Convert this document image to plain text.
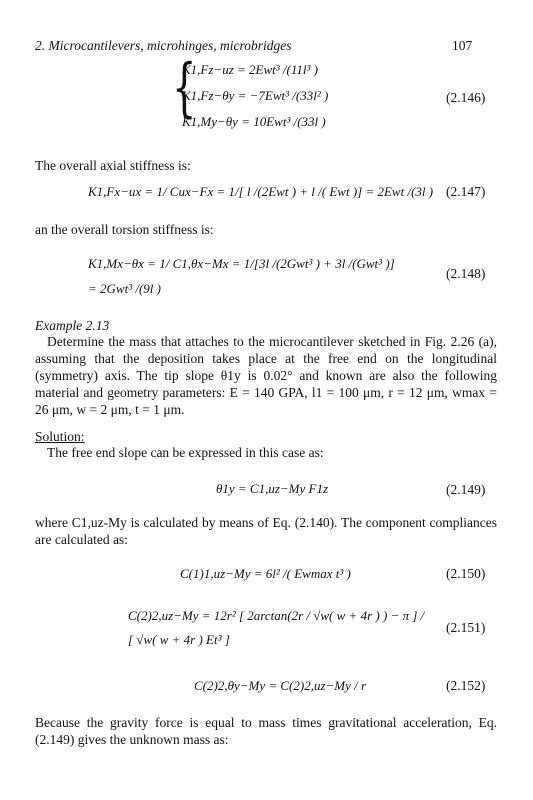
2. Microcantilevers, microhinges, microbridges	107
{
K1,Fz−uz = 2Ewt³ /(11l³ )
K1,Fz−θy = −7Ewt³ /(33l² )
K1,My−θy = 10Ewt³ /(33l )
(2.146)
The overall axial stiffness is:
K1,Fx−ux = 1/ Cux−Fx = 1/[ l /(2Ewt ) + l /( Ewt )] = 2Ewt /(3l ) (2.147)
an the overall torsion stiffness is:
K1,Mx−θx = 1/ C1,θx−Mx = 1/[3l /(2Gwt³ ) + 3l /(Gwt³ )]
= 2Gwt³ /(9l )
(2.148)
Example 2.13
Determine the mass that attaches to the microcantilever sketched in Fig. 2.26 (a), assuming that the deposition takes place at the free end on the longitudinal (symmetry) axis. The tip slope θ1y is 0.02° and known are also the following material and geometry parameters: E = 140 GPA, l1 = 100 μm, r = 12 μm, wmax = 26 μm, w = 2 μm, t = 1 μm.
Solution:
The free end slope can be expressed in this case as:
θ1y = C1,uz−My F1z	(2.149)
where C1,uz-My is calculated by means of Eq. (2.140). The component compliances are calculated as:
C(1)1,uz−My = 6l² /( Ewmax t³ )	(2.150)
C(2)2,uz−My = 12r² [ 2arctan(2r / √w( w + 4r ) ) − π ] /
[ √w( w + 4r ) Et³ ]
(2.151)
C(2)2,θy−My = C(2)2,uz−My / r	(2.152)
Because the gravity force is equal to mass times gravitational acceleration, Eq. (2.149) gives the unknown mass as:
